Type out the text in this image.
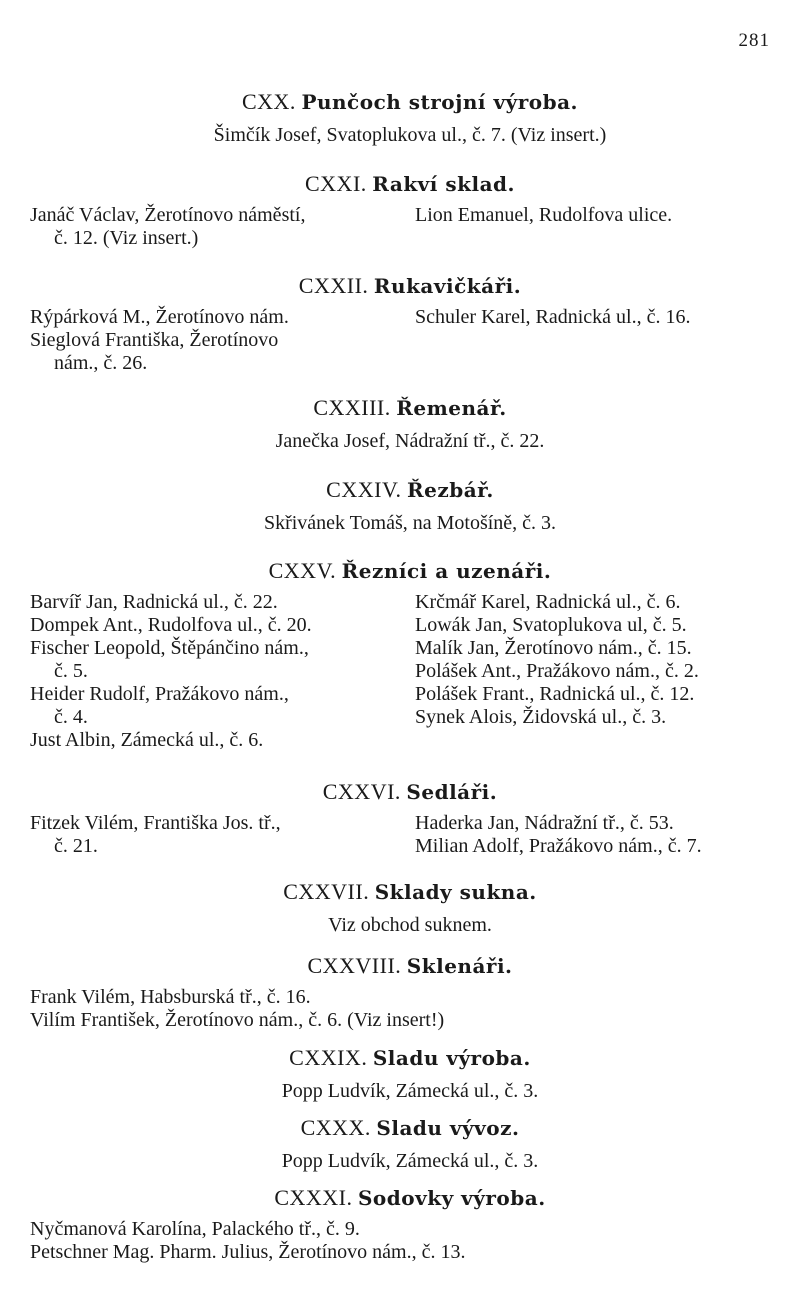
281
CXX. Punčoch strojní výroba.
Šimčík Josef, Svatoplukova ul., č. 7. (Viz insert.)
CXXI. Rakví sklad.
Janáč Václav, Žerotínovo náměstí,
č. 12. (Viz insert.)
Lion Emanuel, Rudolfova ulice.
CXXII. Rukavičkáři.
Rýpárková M., Žerotínovo nám.
Sieglová Františka, Žerotínovo
nám., č. 26.
Schuler Karel, Radnická ul., č. 16.
CXXIII. Řemenář.
Janečka Josef, Nádražní tř., č. 22.
CXXIV. Řezbář.
Skřivánek Tomáš, na Motošíně, č. 3.
CXXV. Řezníci a uzenáři.
Barvíř Jan, Radnická ul., č. 22.
Dompek Ant., Rudolfova ul., č. 20.
Fischer Leopold, Štěpánčino nám.,
č. 5.
Heider Rudolf, Pražákovo nám.,
č. 4.
Just Albin, Zámecká ul., č. 6.
Krčmář Karel, Radnická ul., č. 6.
Lowák Jan, Svatoplukova ul, č. 5.
Malík Jan, Žerotínovo nám., č. 15.
Polášek Ant., Pražákovo nám., č. 2.
Polášek Frant., Radnická ul., č. 12.
Synek Alois, Židovská ul., č. 3.
CXXVI. Sedláři.
Fitzek Vilém, Františka Jos. tř.,
č. 21.
Haderka Jan, Nádražní tř., č. 53.
Milian Adolf, Pražákovo nám., č. 7.
CXXVII. Sklady sukna.
Viz obchod suknem.
CXXVIII. Sklenáři.
Frank Vilém, Habsburská tř., č. 16.
Vilím František, Žerotínovo nám., č. 6. (Viz insert!)
CXXIX. Sladu výroba.
Popp Ludvík, Zámecká ul., č. 3.
CXXX. Sladu vývoz.
Popp Ludvík, Zámecká ul., č. 3.
CXXXI. Sodovky výroba.
Nyčmanová Karolína, Palackého tř., č. 9.
Petschner Mag. Pharm. Julius, Žerotínovo nám., č. 13.
